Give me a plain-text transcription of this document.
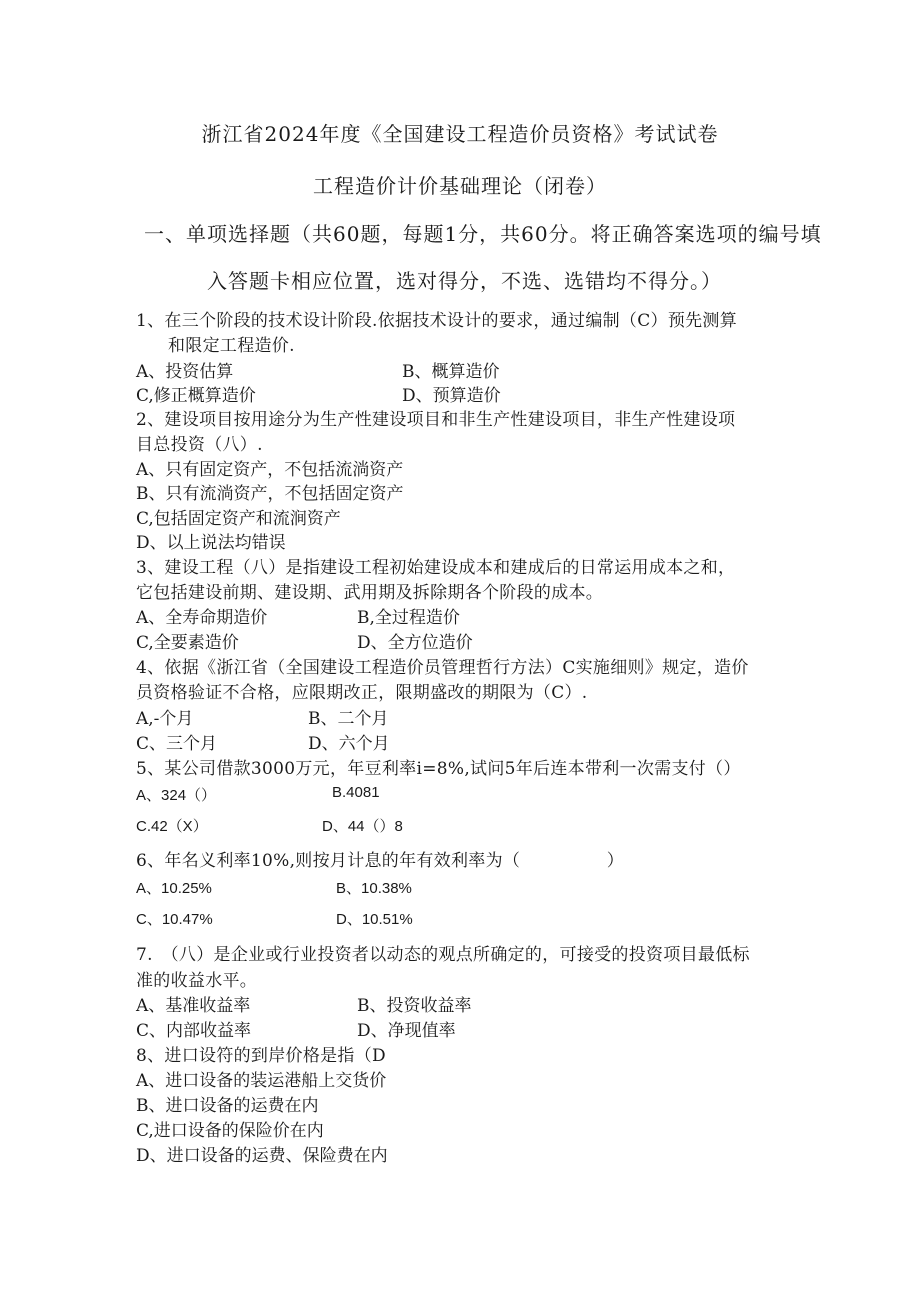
浙江省2024年度《全国建设工程造价员资格》考试试卷
工程造价计价基础理论（闭卷）
一、单项选择题（共60题，每题1分，共60分。将正确答案选项的编号填
入答题卡相应位置，选对得分，不选、选错均不得分。）
1、在三个阶段的技术设计阶段.依据技术设计的要求，通过编制（C）预先测算
和限定工程造价.
A、投资估算	B、概算造价
C,修正概算造价	D、预算造价
2、建设项目按用途分为生产性建设项目和非生产性建设项目，非生产性建设项
目总投资（八）.
A、只有固定资产，不包括流淌资产
B、只有流淌资产，不包括固定资产
C,包括固定资产和流涧资产
D、以上说法均错误
3、建设工程（八）是指建设工程初始建设成本和建成后的日常运用成本之和，
它包括建设前期、建设期、武用期及拆除期各个阶段的成本。
A、全寿命期造价	B,全过程造价
C,全要素造价	D、全方位造价
4、依据《浙江省（全国建设工程造价员管理哲行方法）C实施细则》规定，造价
员资格验证不合格，应限期改正，限期盛改的期限为（C）.
A,-个月	B、二个月
C、三个月	D、六个月
5、某公司借款3000万元，年豆利率i=8%,试问5年后连本带利一次需支付（）
A、324（）	B.4081
C.42（X）	D、44（）8
6、年名义利率10%,则按月计息的年有效利率为（　　　　　）
A、10.25%	B、10.38%
C、10.47%	D、10.51%
7.　（八）是企业或行业投资者以动态的观点所确定的，可接受的投资项目最低标
准的收益水平。
A、基准收益率	B、投资收益率
C、内部收益率	D、净现值率
8、进口设符的到岸价格是指（D
A、进口设备的装运港船上交货价
B、进口设备的运费在内
C,进口设备的保险价在内
D、进口设备的运费、保险费在内
